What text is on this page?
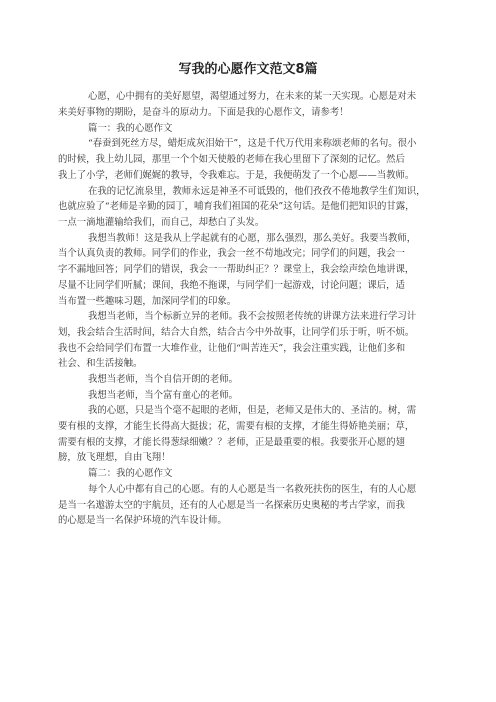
写我的心愿作文范文8篇
心愿，心中拥有的美好愿望，渴望通过努力，在未来的某一天实现。心愿是对未
来美好事物的期盼，是奋斗的原动力。下面是我的心愿作文，请参考！
篇一：我的心愿作文
“春蚕到死丝方尽，蜡炬成灰泪始干”，这是千代万代用来称颂老师的名句。很小
的时候，我上幼儿园，那里一个个如天使般的老师在我心里留下了深刻的记忆。然后
我上了小学，老师们娓娓的教导，令我难忘。于是，我便萌发了一个心愿——当教师。
在我的记忆流泉里，教师永远是神圣不可诋毁的，他们孜孜不倦地教学生们知识，
也就应验了“老师是辛勤的园丁，哺育我们祖国的花朵”这句话。是他们把知识的甘露，
一点一滴地灌输给我们，而自己，却愁白了头发。
我想当教师！这是我从上学起就有的心愿，那么强烈，那么美好。我要当教师，
当个认真负责的教师。同学们的作业，我会一丝不苟地改完；同学们的问题，我会一
字不漏地回答；同学们的错误，我会一一帮助纠正？？课堂上，我会绘声绘色地讲课，
尽量不让同学们听腻；课间，我绝不拖课，与同学们一起游戏，讨论问题；课后，适
当布置一些趣味习题，加深同学们的印象。
我想当老师，当个标新立异的老师。我不会按照老传统的讲课方法来进行学习计
划，我会结合生活时间，结合大自然，结合古今中外故事，让同学们乐于听，听不烦。
我也不会给同学们布置一大堆作业，让他们“叫苦连天”，我会注重实践，让他们多和
社会、和生活接触。
我想当老师，当个自信开朗的老师。
我想当老师，当个富有童心的老师。
我的心愿，只是当个毫不起眼的老师，但是，老师又是伟大的、圣洁的。树，需
要有根的支撑，才能生长得高大挺拔；花，需要有根的支撑，才能生得娇艳美丽；草，
需要有根的支撑，才能长得葱绿细嫩？？老师，正是最重要的根。我要张开心愿的翅
膀，放飞理想，自由飞翔！
篇二：我的心愿作文
每个人心中都有自己的心愿。有的人心愿是当一名救死扶伤的医生，有的人心愿
是当一名遨游太空的宇航员，还有的人心愿是当一名探索历史奥秘的考古学家，而我
的心愿是当一名保护环境的汽车设计师。
